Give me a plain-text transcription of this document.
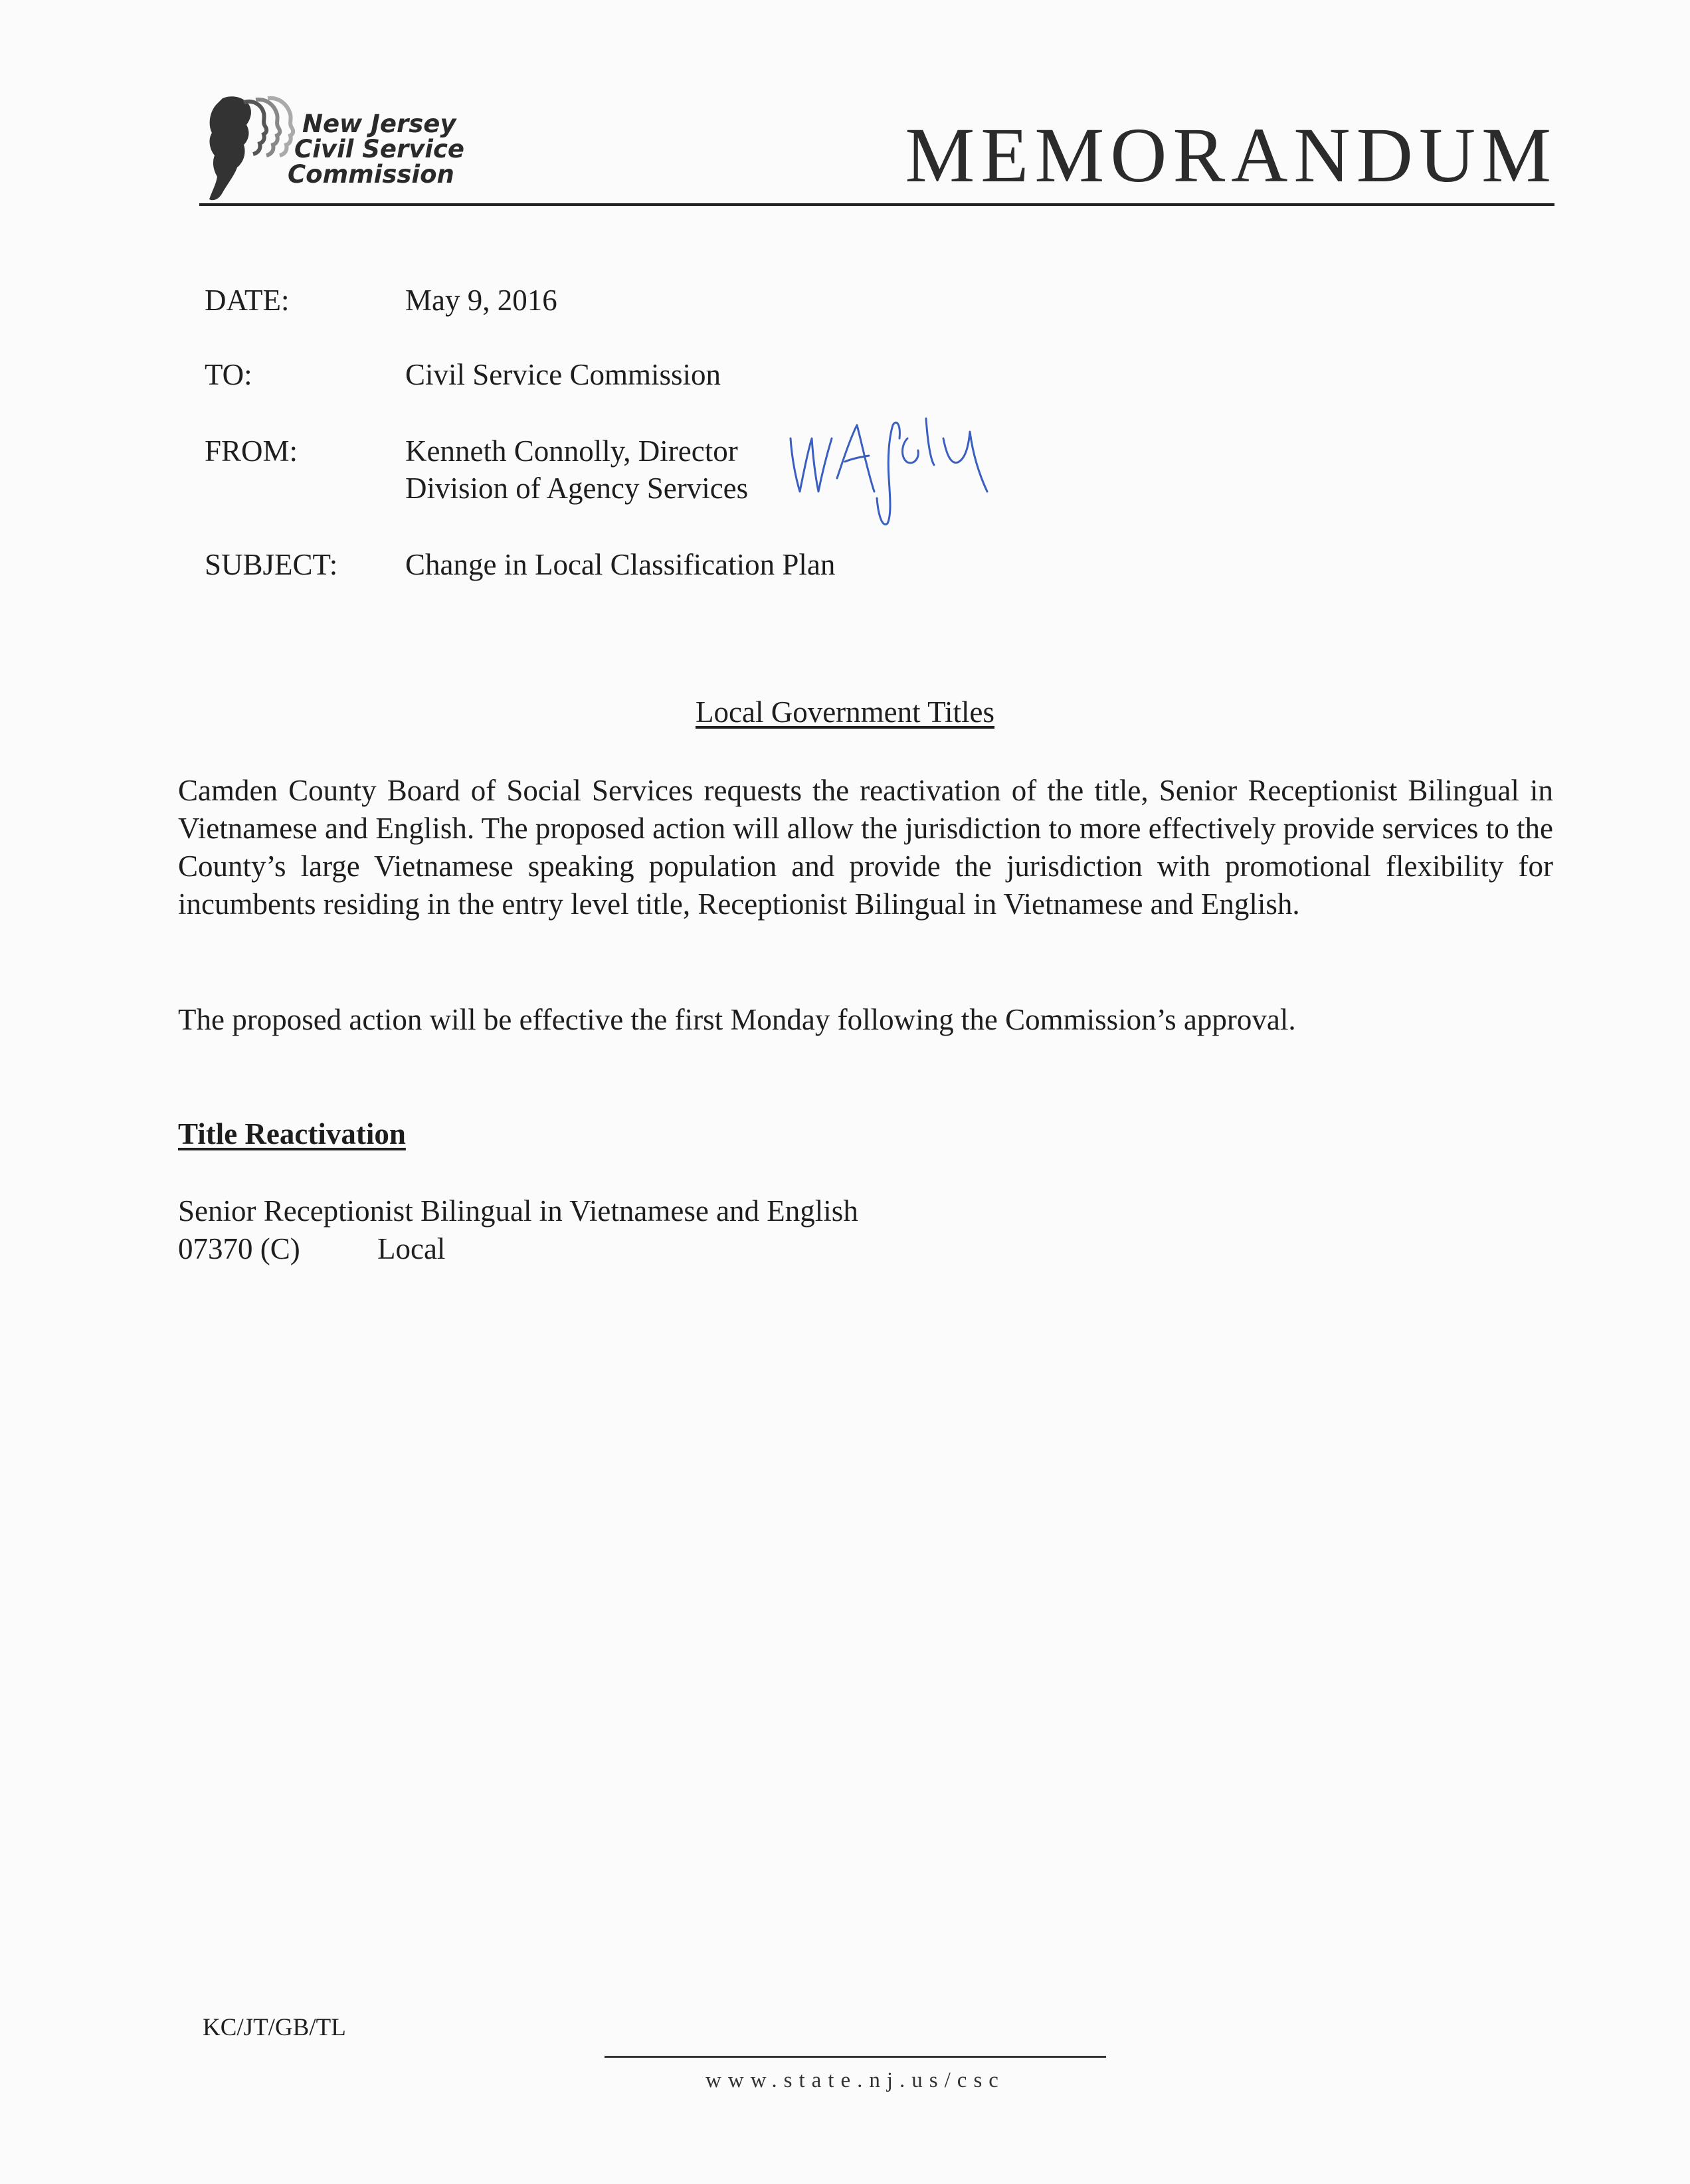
New Jersey
Civil Service
Commission	MEMORANDUM
DATE:	May 9, 2016
TO:	Civil Service Commission
FROM:	Kenneth Connolly, Director
Division of Agency Services
SUBJECT: Change in Local Classification Plan
Local Government Titles

Camden County Board of Social Services requests the reactivation of the title, Senior Receptionist Bilingual in Vietnamese and English. The proposed action will allow the jurisdiction to more effectively provide services to the County’s large Vietnamese speaking population and provide the jurisdiction with promotional flexibility for incumbents residing in the entry level title, Receptionist Bilingual in Vietnamese and English.

The proposed action will be effective the first Monday following the Commission’s approval.

Title Reactivation
Senior Receptionist Bilingual in Vietnamese and English
07370 (C)	Local
KC/JT/GB/TL
www.state.nj.us/csc
